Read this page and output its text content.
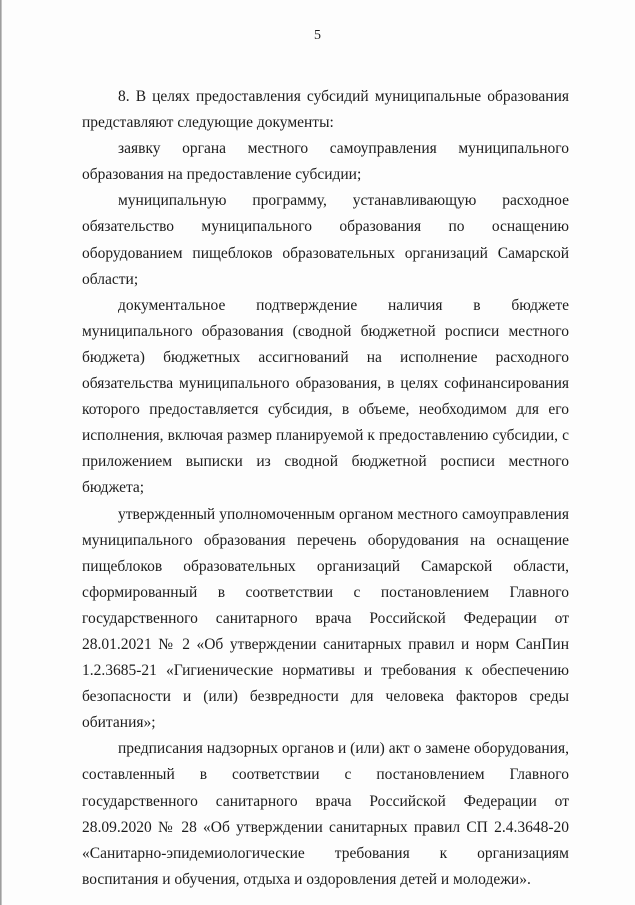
5

8. В целях предоставления субсидий муниципальные образования представляют следующие документы:

заявку органа местного самоуправления муниципального образования на предоставление субсидии;

муниципальную программу, устанавливающую расходное обязательство муниципального образования по оснащению оборудованием пищеблоков образовательных организаций Самарской области;

документальное подтверждение наличия в бюджете муниципального образования (сводной бюджетной росписи местного бюджета) бюджетных ассигнований на исполнение расходного обязательства муниципального образования, в целях софинансирования которого предоставляется субсидия, в объеме, необходимом для его исполнения, включая размер планируемой к предоставлению субсидии, с приложением выписки из сводной бюджетной росписи местного бюджета;

утвержденный уполномоченным органом местного самоуправления муниципального образования перечень оборудования на оснащение пищеблоков образовательных организаций Самарской области, сформированный в соответствии с постановлением Главного государственного санитарного врача Российской Федерации от 28.01.2021 № 2 «Об утверждении санитарных правил и норм СанПин 1.2.3685-21 «Гигиенические нормативы и требования к обеспечению безопасности и (или) безвредности для человека факторов среды обитания»;

предписания надзорных органов и (или) акт о замене оборудования, составленный в соответствии с постановлением Главного государственного санитарного врача Российской Федерации от 28.09.2020 № 28 «Об утверждении санитарных правил СП 2.4.3648-20 «Санитарно-эпидемиологические требования к организациям воспитания и обучения, отдыха и оздоровления детей и молодежи».
